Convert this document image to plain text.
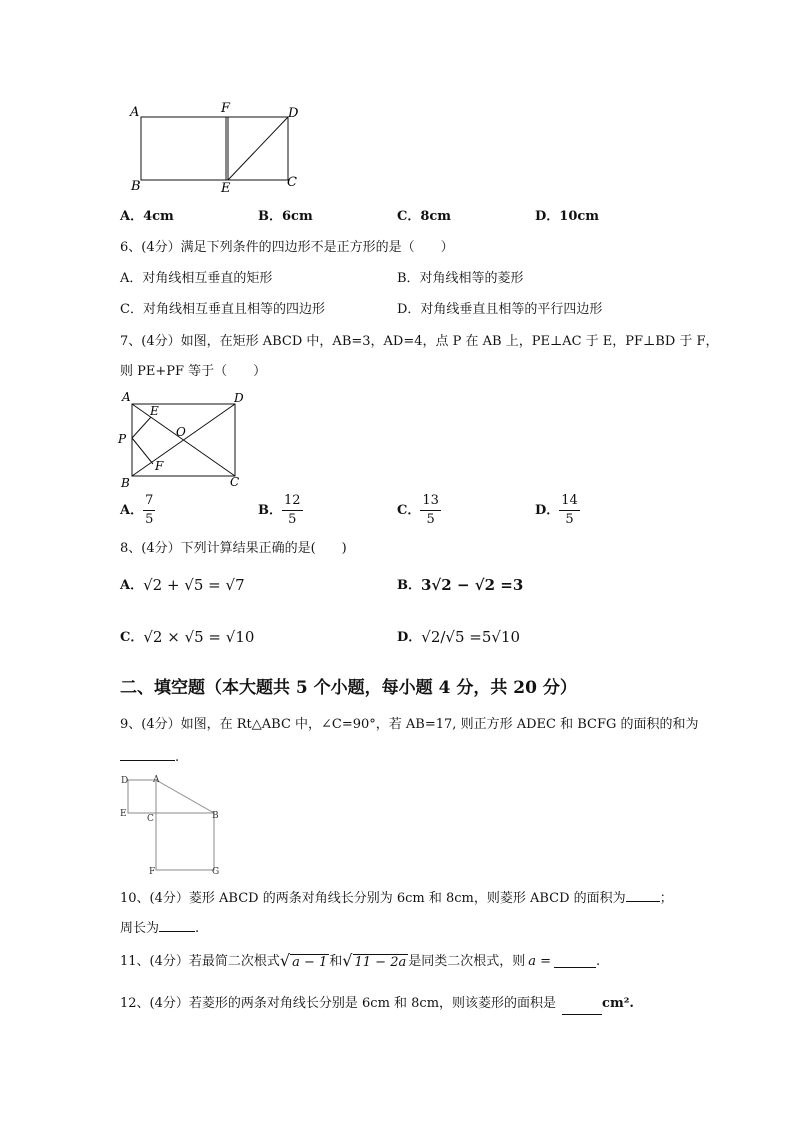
A	F	D
B	E	C
A．4cm	B．6cm	C．8cm	D．10cm
6、(4分）满足下列条件的四边形不是正方形的是（　　）
A．对角线相互垂直的矩形	B．对角线相等的菱形
C．对角线相互垂直且相等的四边形	D．对角线垂直且相等的平行四边形
7、(4分）如图，在矩形 ABCD 中，AB=3，AD=4，点 P 在 AB 上，PE⊥AC 于 E，PF⊥BD 于 F，
则 PE+PF 等于（　　）
A
E
D
P	O
F
B	C
A． $\frac{7}{5}$	B． $\frac{12}{5}$	C． $\frac{13}{5}$	D． $\frac{14}{5}$
8、(4分）下列计算结果正确的是(　　)
A． √2 + √5 = √7	B． 3√2 − √2 =3
C． √2 × √5 = √10	D． √2/√5 =5√10
二、填空题（本大题共 5 个小题，每小题 4 分，共 20 分）
9、(4分）如图，在 Rt△ABC 中，∠C=90°，若 AB=17, 则正方形 ADEC 和 BCFG 的面积的和为
.
D	A
E C	B
F	G
10、(4分）菱形 ABCD 的两条对角线长分别为 6cm 和 8cm，则菱形 ABCD 的面积为	；
周长为	.
11、(4分）若最简二次根式 √ a − 1 和 √ 11 − 2a 是同类二次根式，则 a =	.
12、(4分）若菱形的两条对角线长分别是 6cm 和 8cm，则该菱形的面积是	cm².
